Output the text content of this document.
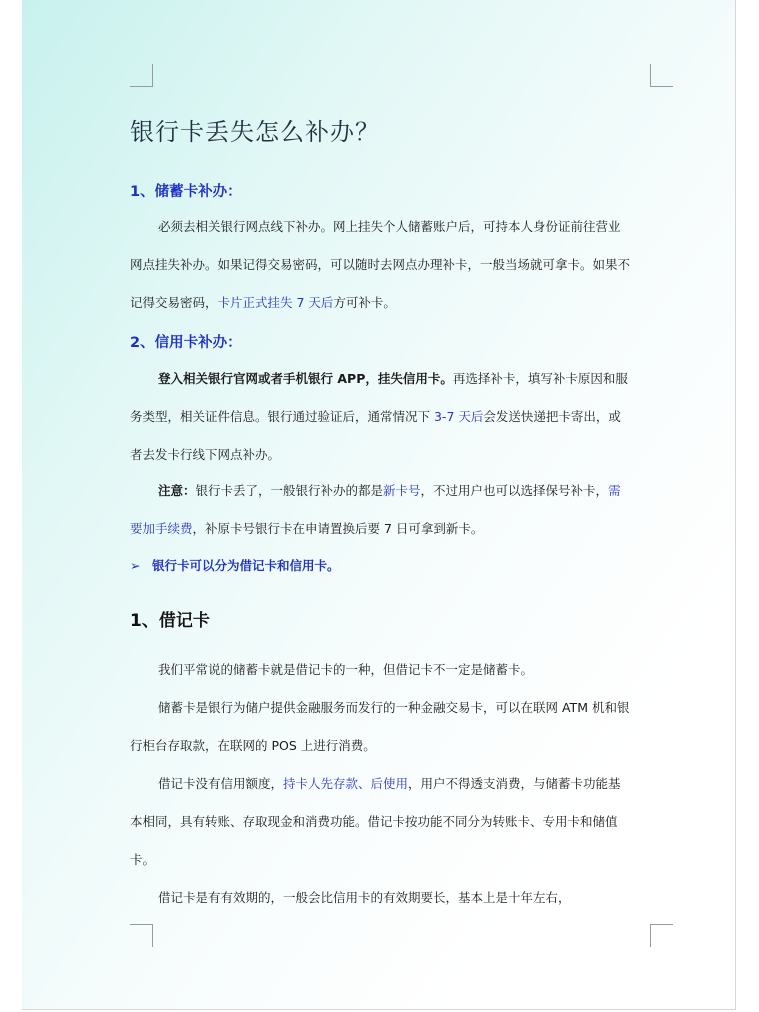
银行卡丢失怎么补办？
1、储蓄卡补办：

必须去相关银行网点线下补办。网上挂失个人储蓄账户后，可持本人身份证前往营业网点挂失补办。如果记得交易密码，可以随时去网点办理补卡，一般当场就可拿卡。如果不记得交易密码，卡片正式挂失 7 天后方可补卡。

2、信用卡补办：

登入相关银行官网或者手机银行 APP，挂失信用卡。再选择补卡，填写补卡原因和服务类型，相关证件信息。银行通过验证后，通常情况下 3-7 天后会发送快递把卡寄出，或者去发卡行线下网点补办。

注意：银行卡丢了，一般银行补办的都是新卡号，不过用户也可以选择保号补卡，需要加手续费，补原卡号银行卡在申请置换后要 7 日可拿到新卡。

➢ 银行卡可以分为借记卡和信用卡。
1、借记卡

我们平常说的储蓄卡就是借记卡的一种，但借记卡不一定是储蓄卡。

储蓄卡是银行为储户提供金融服务而发行的一种金融交易卡，可以在联网 ATM 机和银行柜台存取款，在联网的 POS 上进行消费。

借记卡没有信用额度，持卡人先存款、后使用，用户不得透支消费，与储蓄卡功能基本相同，具有转账、存取现金和消费功能。借记卡按功能不同分为转账卡、专用卡和储值卡。

借记卡是有有效期的，一般会比信用卡的有效期要长，基本上是十年左右，
